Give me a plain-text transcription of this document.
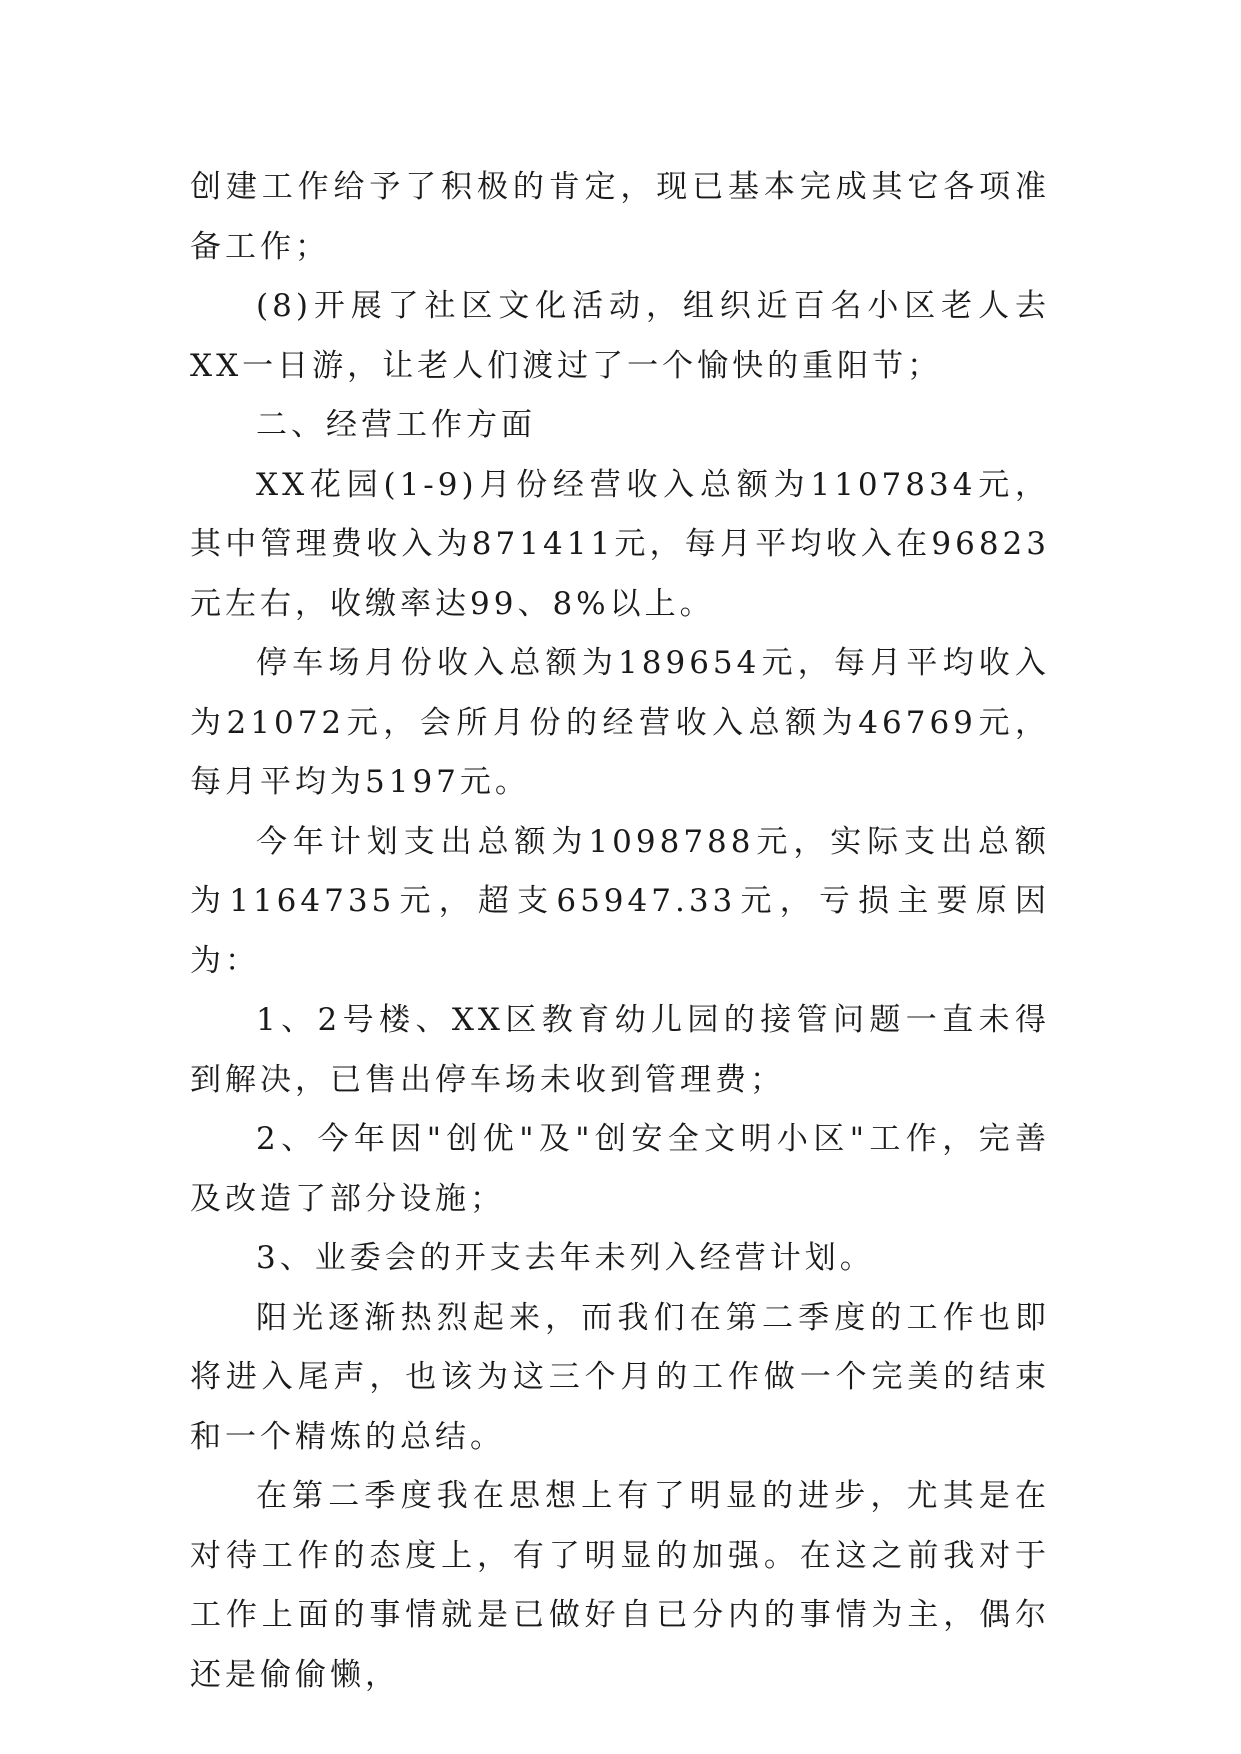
创建工作给予了积极的肯定，现已基本完成其它各项准备工作；

(8)开展了社区文化活动，组织近百名小区老人去XX一日游，让老人们渡过了一个愉快的重阳节；

二、经营工作方面

XX花园(1-9)月份经营收入总额为1107834元，其中管理费收入为871411元，每月平均收入在96823元左右，收缴率达99、8%以上。

停车场月份收入总额为189654元，每月平均收入为21072元，会所月份的经营收入总额为46769元，每月平均为5197元。

今年计划支出总额为1098788元，实际支出总额为1164735元，超支65947.33元，亏损主要原因为：

1、2号楼、XX区教育幼儿园的接管问题一直未得到解决，已售出停车场未收到管理费；

2、今年因"创优"及"创安全文明小区"工作，完善及改造了部分设施；

3、业委会的开支去年未列入经营计划。

阳光逐渐热烈起来，而我们在第二季度的工作也即将进入尾声，也该为这三个月的工作做一个完美的结束和一个精炼的总结。

在第二季度我在思想上有了明显的进步，尤其是在对待工作的态度上，有了明显的加强。在这之前我对于工作上面的事情就是已做好自已分内的事情为主，偶尔还是偷偷懒，
